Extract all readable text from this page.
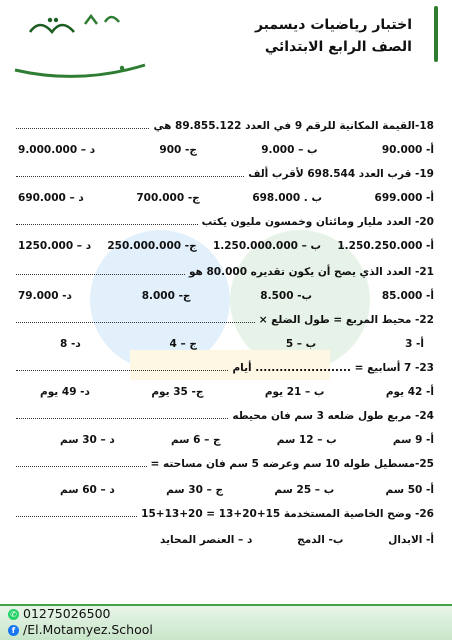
اختبار رياضيات ديسمبر
الصف الرابع الابتدائي
18-القيمة المكانية للرقم 9 في العدد 89.855.122 هي
أ- 90.000
ب – 9.000
ج- 900
د – 9.000.000
19- قرب العدد 698.544 لأقرب ألف
أ- 699.000
ب . 698.000
ج- 700.000
د – 690.000
20- العدد مليار ومائتان وخمسون مليون يكتب
أ- 1.250.250.000
ب – 1.250.000.000
ج- 250.000.000
د – 1250.000
21- العدد الذي يصح أن يكون تقديره 80.000 هو
أ- 85.000
ب- 8.500
ج- 8.000
د- 79.000
22- محيط المربع = طول الضلع ×
أ- 3
ب – 5
ج – 4
د- 8
23- 7 أسابيع = ........................ أيام
أ- 42 يوم
ب – 21 يوم
ج- 35 يوم
د- 49 يوم
24- مربع طول ضلعه 3 سم فان محيطه
أ- 9 سم
ب – 12 سم
ج – 6 سم
د – 30 سم
25-مسطيل طوله 10 سم وعرضه 5 سم فان مساحته =
أ- 50 سم
ب – 25 سم
ج – 30 سم
د – 60 سم
26- وضح الخاصية المستخدمة 15+20+13 = 20+13+15
أ- الابدال
ب- الدمج
د – العنصر المحايد
✆ 01275026500
f /El.Motamyez.School
